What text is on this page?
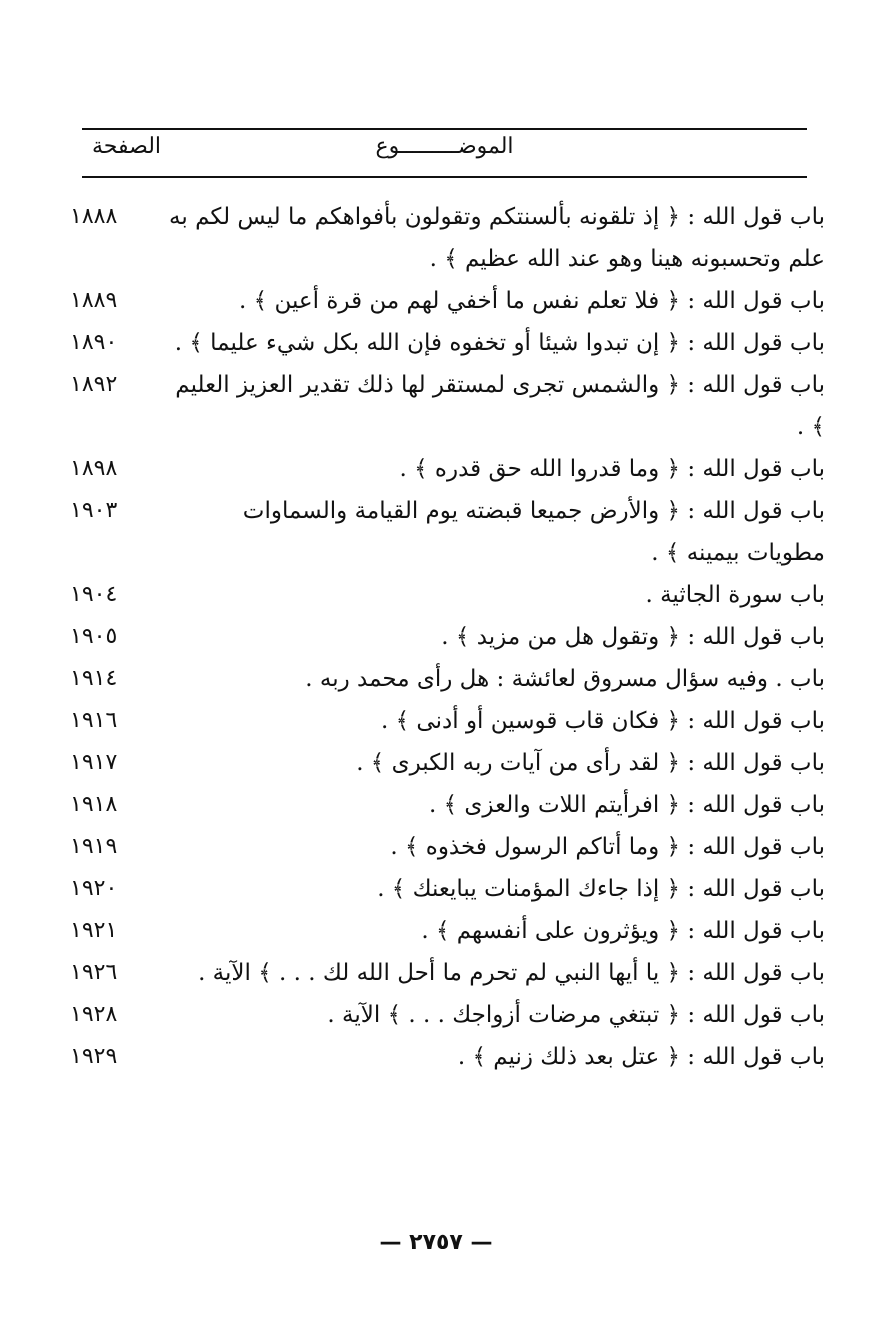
الموضـــــــــوع
الصفحة
باب قول الله : ﴿ إذ تلقونه بألسنتكم وتقولون بأفواهكم ما ليس لكم به علم وتحسبونه هينا وهو عند الله عظيم ﴾ .
١٨٨٨
باب قول الله : ﴿ فلا تعلم نفس ما أخفي لهم من قرة أعين ﴾ .
١٨٨٩
باب قول الله : ﴿ إن تبدوا شيئا أو تخفوه فإن الله بكل شيء عليما ﴾ .
١٨٩٠
باب قول الله : ﴿ والشمس تجرى لمستقر لها ذلك تقدير العزيز العليم ﴾ .
١٨٩٢
باب قول الله : ﴿ وما قدروا الله حق قدره ﴾ .
١٨٩٨
باب قول الله : ﴿ والأرض جميعا قبضته يوم القيامة والسماوات مطويات بيمينه ﴾ .
١٩٠٣
باب سورة الجاثية .
١٩٠٤
باب قول الله : ﴿ وتقول هل من مزيد ﴾ .
١٩٠٥
باب . وفيه سؤال مسروق لعائشة : هل رأى محمد ربه .
١٩١٤
باب قول الله : ﴿ فكان قاب قوسين أو أدنى ﴾ .
١٩١٦
باب قول الله : ﴿ لقد رأى من آيات ربه الكبرى ﴾ .
١٩١٧
باب قول الله : ﴿ افرأيتم اللات والعزى ﴾ .
١٩١٨
باب قول الله : ﴿ وما أتاكم الرسول فخذوه ﴾ .
١٩١٩
باب قول الله : ﴿ إذا جاءك المؤمنات يبايعنك ﴾ .
١٩٢٠
باب قول الله : ﴿ ويؤثرون على أنفسهم ﴾ .
١٩٢١
باب قول الله : ﴿ يا أيها النبي لم تحرم ما أحل الله لك . . . ﴾ الآية .
١٩٢٦
باب قول الله : ﴿ تبتغي مرضات أزواجك . . . ﴾ الآية .
١٩٢٨
باب قول الله : ﴿ عتل بعد ذلك زنيم ﴾ .
١٩٢٩
— ٢٧٥٧ —
